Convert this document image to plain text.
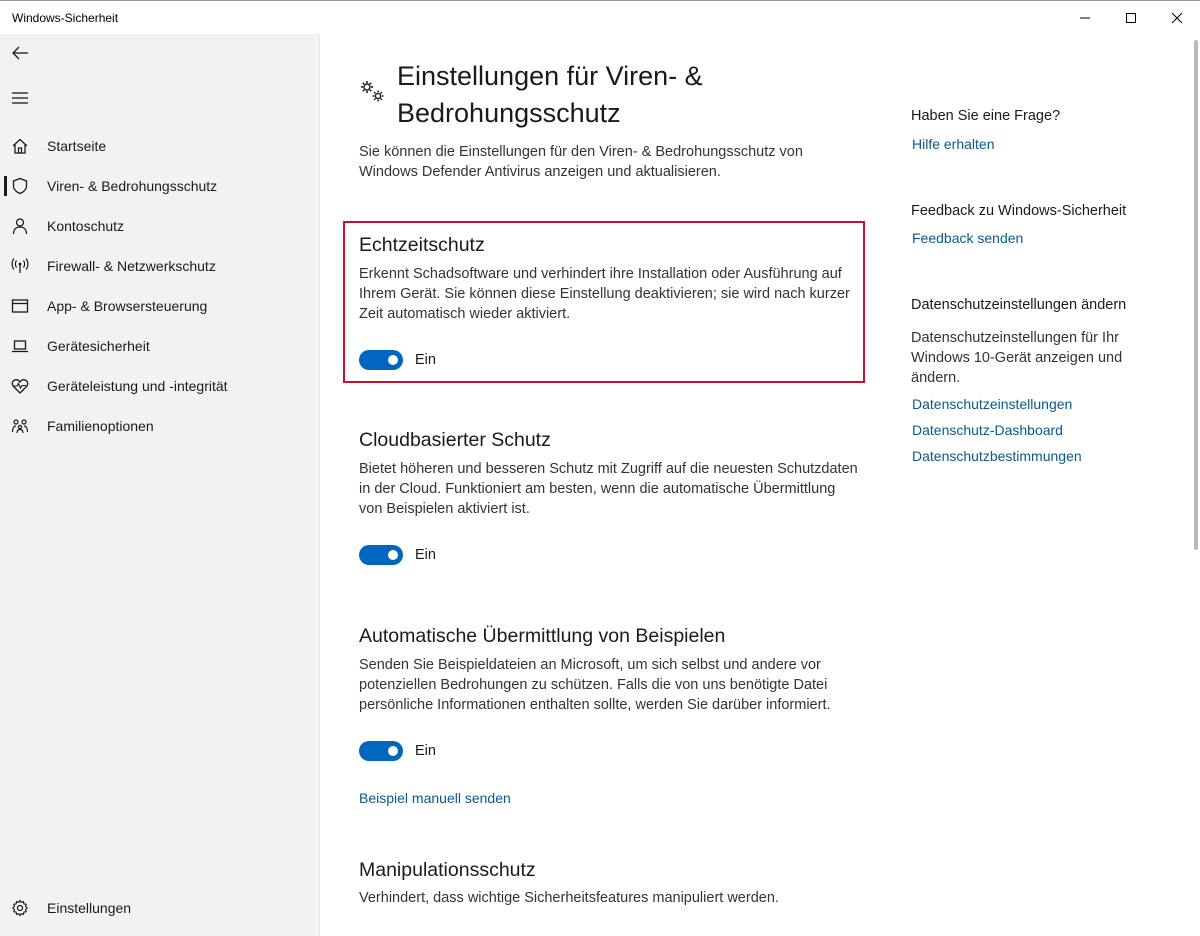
Windows-Sicherheit
Startseite
Viren- & Bedrohungsschutz
Kontoschutz
Firewall- & Netzwerkschutz
App- & Browsersteuerung
Gerätesicherheit
Geräteleistung und -integrität
Familienoptionen
Einstellungen
Einstellungen für Viren- & Bedrohungsschutz

Sie können die Einstellungen für den Viren- & Bedrohungsschutz von Windows Defender Antivirus anzeigen und aktualisieren.

Echtzeitschutz

Erkennt Schadsoftware und verhindert ihre Installation oder Ausführung auf Ihrem Gerät. Sie können diese Einstellung deaktivieren; sie wird nach kurzer Zeit automatisch wieder aktiviert.

Ein
Cloudbasierter Schutz

Bietet höheren und besseren Schutz mit Zugriff auf die neuesten Schutzdaten in der Cloud. Funktioniert am besten, wenn die automatische Übermittlung von Beispielen aktiviert ist.

Ein
Automatische Übermittlung von Beispielen

Senden Sie Beispieldateien an Microsoft, um sich selbst und andere vor potenziellen Bedrohungen zu schützen. Falls die von uns benötigte Datei persönliche Informationen enthalten sollte, werden Sie darüber informiert.

Ein
Beispiel manuell senden
Manipulationsschutz

Verhindert, dass wichtige Sicherheitsfeatures manipuliert werden.

Haben Sie eine Frage?
Hilfe erhalten
Feedback zu Windows-Sicherheit
Feedback senden
Datenschutzeinstellungen ändern
Datenschutzeinstellungen für Ihr Windows 10-Gerät anzeigen und ändern.
Datenschutzeinstellungen
Datenschutz-Dashboard
Datenschutzbestimmungen
